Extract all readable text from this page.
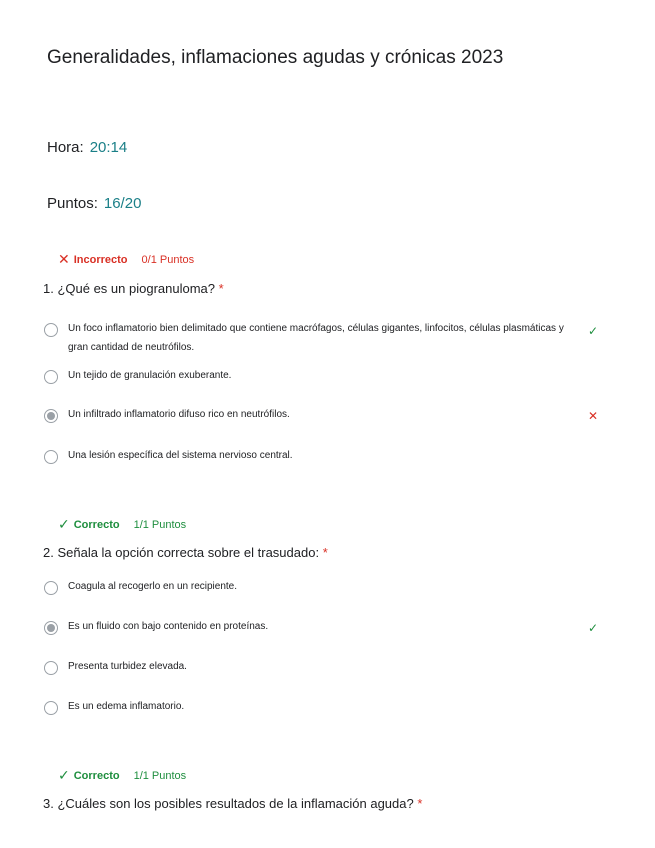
Generalidades, inflamaciones agudas y crónicas 2023
Hora: 20:14
Puntos: 16/20
✕ Incorrecto 0/1 Puntos
1. ¿Qué es un piogranuloma? *
Un foco inflamatorio bien delimitado que contiene macrófagos, células gigantes, linfocitos, células plasmáticas y gran cantidad de neutrófilos.
✓
Un tejido de granulación exuberante.
Un infiltrado inflamatorio difuso rico en neutrófilos.	✕
Una lesión específica del sistema nervioso central.
✓ Correcto 1/1 Puntos
2. Señala la opción correcta sobre el trasudado: *
Coagula al recogerlo en un recipiente.
Es un fluido con bajo contenido en proteínas.	✓
Presenta turbidez elevada.
Es un edema inflamatorio.
✓ Correcto 1/1 Puntos
3. ¿Cuáles son los posibles resultados de la inflamación aguda? *
